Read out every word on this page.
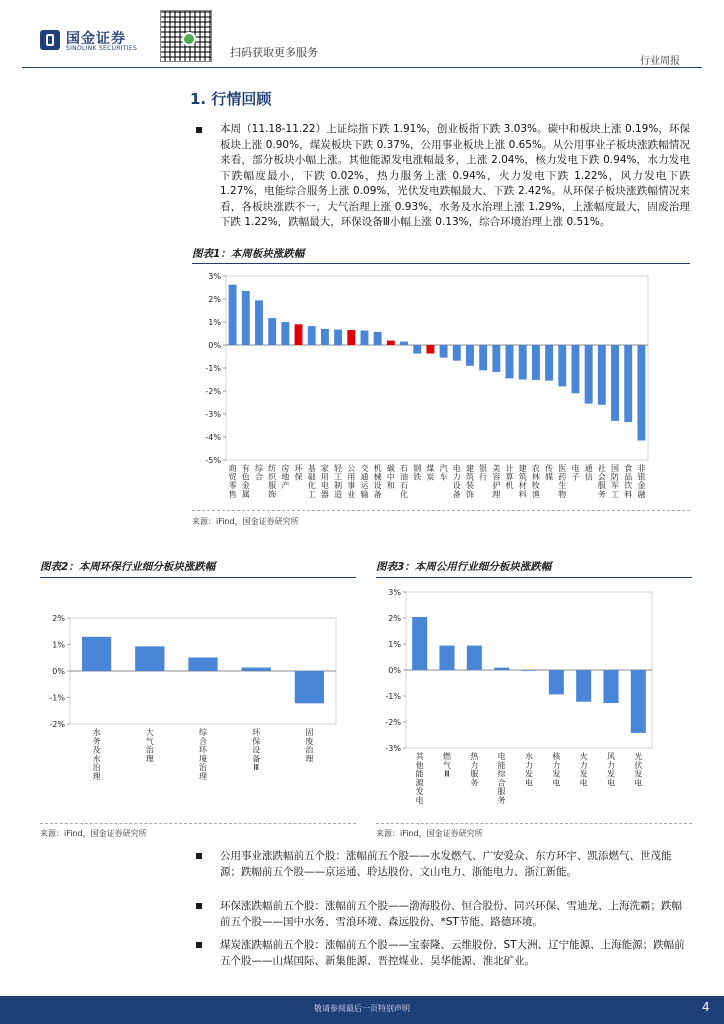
国金证券
SINOLINK SECURITIES	扫码获取更多服务
行业周报
1. 行情回顾
本周（11.18-11.22）上证综指下跌 1.91%，创业板指下跌 3.03%。碳中和板块上涨 0.19%，环保板块上涨 0.90%，煤炭板块下跌 0.37%，公用事业板块上涨 0.65%。从公用事业子板块涨跌幅情况来看，部分板块小幅上涨。其他能源发电涨幅最多，上涨 2.04%，核力发电下跌 0.94%，水力发电下跌幅度最小，下跌 0.02%，热力服务上涨 0.94%，火力发电下跌 1.22%，风力发电下跌 1.27%，电能综合服务上涨 0.09%，光伏发电跌幅最大、下跌 2.42%。从环保子板块涨跌幅情况来看，各板块涨跌不一，大气治理上涨 0.93%，水务及水治理上涨 1.29%，上涨幅度最大，固废治理下跌 1.22%，跌幅最大，环保设备Ⅲ小幅上涨 0.13%，综合环境治理上涨 0.51%。
图表1：本周板块涨跌幅
3%
2%
1%
0%
-1%
-2%
-3%
-4%
-5%
商
贸
零
售
有
色
金
属
综
合
纺
织
服
饰
房
地
产
环
保
基
础
化
工
家
用
电
器
轻
工
制
造
公
用
事
业
交
通
运
输
机
械
设
备
碳
中
和
石
油
石
化
钢
铁
煤
炭
汽
车
电
力
设
备
建
筑
装
饰
银
行
美
容
护
理
计
算
机
建
筑
材
料
农
林
牧
渔
传
媒
医
药
生
物
电
子
通
信
社
会
服
务
国
防
军
工
食
品
饮
料
非
银
金
融
来源：iFind，国金证券研究所
图表2：本周环保行业细分板块涨跌幅
2%
1%
0%
-1%
-2%
水
务
及
水
治
理
大
气
治
理
综
合
环
境
治
理
环
保
设
备
Ⅲ
固
废
治
理
来源：iFind，国金证券研究所
图表3：本周公用行业细分板块涨跌幅
3%
2%
1%
0%
-1%
-2%
-3%
其
他
能
源
发
电
燃
气
Ⅲ
热
力
服
务
电
能
综
合
服
务
水
力
发
电
核
力
发
电
火
力
发
电
风
力
发
电
光
伏
发
电
来源：iFind，国金证券研究所
公用事业涨跌幅前五个股：涨幅前五个股——水发燃气、广安爱众、东方环宇、凯添燃气、世茂能源；跌幅前五个股——京运通、聆达股份、文山电力、浙能电力、浙江新能。
环保涨跌幅前五个股：涨幅前五个股——渤海股份、恒合股份、同兴环保、雪迪龙、上海洗霸；跌幅前五个股——国中水务、雪浪环境、森远股份、*ST节能、路德环境。
煤炭涨跌幅前五个股：涨幅前五个股——宝泰隆、云维股份、ST大洲、辽宁能源、上海能源；跌幅前五个股——山煤国际、新集能源、晋控煤业、昊华能源、淮北矿业。
敬请参阅最后一页特别声明	4
